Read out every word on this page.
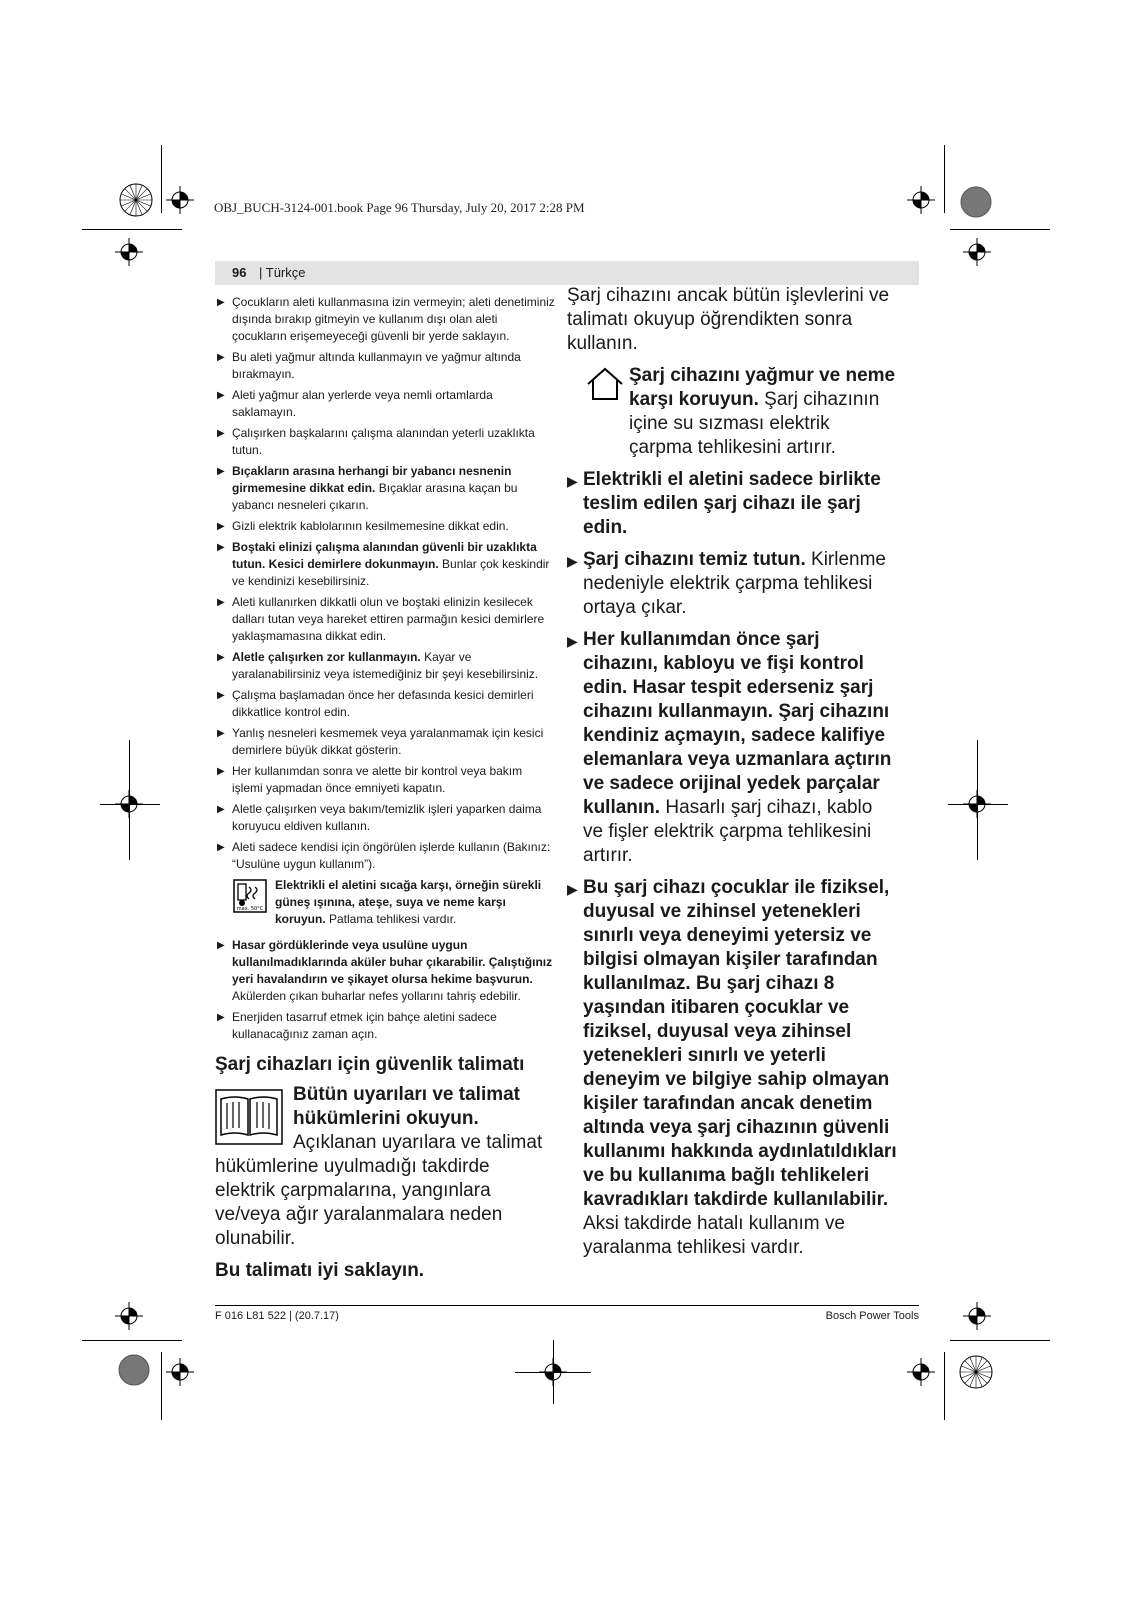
OBJ_BUCH-3124-001.book Page 96 Thursday, July 20, 2017 2:28 PM
96 | Türkçe
▶ Çocukların aleti kullanmasına izin vermeyin; aleti denetiminiz dışında bırakıp gitmeyin ve kullanım dışı olan aleti çocukların erişemeyeceği güvenli bir yerde saklayın.
▶ Bu aleti yağmur altında kullanmayın ve yağmur altında bırakmayın.
▶ Aleti yağmur alan yerlerde veya nemli ortamlarda saklamayın.
▶ Çalışırken başkalarını çalışma alanından yeterli uzaklıkta tutun.
▶ Bıçakların arasına herhangi bir yabancı nesnenin girmemesine dikkat edin. Bıçaklar arasına kaçan bu yabancı nesneleri çıkarın.
▶ Gizli elektrik kablolarının kesilmemesine dikkat edin.
▶ Boştaki elinizi çalışma alanından güvenli bir uzaklıkta tutun. Kesici demirlere dokunmayın. Bunlar çok keskindir ve kendinizi kesebilirsiniz.
▶ Aleti kullanırken dikkatli olun ve boştaki elinizin kesilecek dalları tutan veya hareket ettiren parmağın kesici demirlere yaklaşmamasına dikkat edin.
▶ Aletle çalışırken zor kullanmayın. Kayar ve yaralanabilirsiniz veya istemediğiniz bir şeyi kesebilirsiniz.
▶ Çalışma başlamadan önce her defasında kesici demirleri dikkatlice kontrol edin.
▶ Yanlış nesneleri kesmemek veya yaralanmamak için kesici demirlere büyük dikkat gösterin.
▶ Her kullanımdan sonra ve alette bir kontrol veya bakım işlemi yapmadan önce emniyeti kapatın.
▶ Aletle çalışırken veya bakım/temizlik işleri yaparken daima koruyucu eldiven kullanın.
▶ Aleti sadece kendisi için öngörülen işlerde kullanın (Bakınız: “Usulüne uygun kullanım”).
max. 50°C
Elektrikli el aletini sıcağa karşı, örneğin sürekli güneş ışınına, ateşe, suya ve neme karşı koruyun. Patlama tehlikesi vardır.
▶ Hasar gördüklerinde veya usulüne uygun kullanılmadıklarında aküler buhar çıkarabilir. Çalıştığınız yeri havalandırın ve şikayet olursa hekime başvurun. Akülerden çıkan buharlar nefes yollarını tahriş edebilir.
▶ Enerjiden tasarruf etmek için bahçe aletini sadece kullanacağınız zaman açın.
Şarj cihazları için güvenlik talimatı
Bütün uyarıları ve talimat hükümlerini okuyun.
Açıklanan uyarılara ve talimat hükümlerine uyulmadığı takdirde elektrik çarpmalarına, yangınlara ve/veya ağır yaralanmalara neden olunabilir.
Bu talimatı iyi saklayın.
Şarj cihazını ancak bütün işlevlerini ve talimatı okuyup öğrendikten sonra kullanın.
Şarj cihazını yağmur ve neme karşı koruyun. Şarj cihazının içine su sızması elektrik çarpma tehlikesini artırır.
▶ Elektrikli el aletini sadece birlikte teslim edilen şarj cihazı ile şarj edin.
▶ Şarj cihazını temiz tutun. Kirlenme nedeniyle elektrik çarpma tehlikesi ortaya çıkar.
▶ Her kullanımdan önce şarj cihazını, kabloyu ve fişi kontrol edin. Hasar tespit ederseniz şarj cihazını kullanmayın. Şarj cihazını kendiniz açmayın, sadece kalifiye elemanlara veya uzmanlara açtırın ve sadece orijinal yedek parçalar kullanın. Hasarlı şarj cihazı, kablo ve fişler elektrik çarpma tehlikesini artırır.
▶ Bu şarj cihazı çocuklar ile fiziksel, duyusal ve zihinsel yetenekleri sınırlı veya deneyimi yetersiz ve bilgisi olmayan kişiler tarafından kullanılmaz. Bu şarj cihazı 8 yaşından itibaren çocuklar ve fiziksel, duyusal veya zihinsel yetenekleri sınırlı ve yeterli deneyim ve bilgiye sahip olmayan kişiler tarafından ancak denetim altında veya şarj cihazının güvenli kullanımı hakkında aydınlatıldıkları ve bu kullanıma bağlı tehlikeleri kavradıkları takdirde kullanılabilir. Aksi takdirde hatalı kullanım ve yaralanma tehlikesi vardır.
F 016 L81 522 | (20.7.17)	Bosch Power Tools
